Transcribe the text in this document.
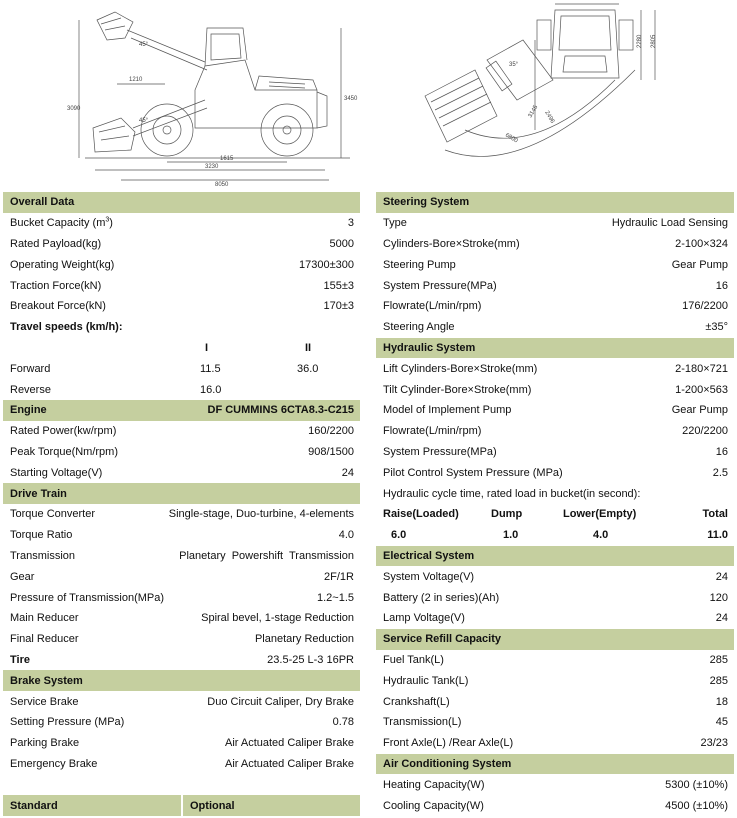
1210
1615
3230
8050
3090
3450
45°
45°
2280 2805
2496
3145
6800
35°
Overall Data
Bucket Capacity $(m^3)$	3
Rated Payload(kg)	5000
Operating Weight(kg)	17300±300
Traction Force(kN)	155±3
Breakout Force(kN)	170±3
Travel speeds (km/h):
I	II
Forward	11.5	36.0
Reverse	16.0
Engine	DF CUMMINS 6CTA8.3-C215
Rated Power(kw/rpm)	160/2200
Peak Torque(Nm/rpm)	908/1500
Starting Voltage(V)	24
Drive Train
Torque Converter	Single-stage, Duo-turbine, 4-elements
Torque Ratio	4.0
Transmission	Planetary  Powershift  Transmission
Gear	2F/1R
Pressure of Transmission(MPa)	1.2~1.5
Main Reducer	Spiral bevel, 1-stage Reduction
Final Reducer	Planetary Reduction
Tire	23.5-25 L-3 16PR
Brake System
Service Brake	Duo Circuit Caliper, Dry Brake
Setting Pressure (MPa)	0.78
Parking Brake	Air Actuated Caliper Brake
Emergency Brake	Air Actuated Caliper Brake
Standard	Optional
Steering System
Type	Hydraulic Load Sensing
Cylinders-Bore×Stroke(mm)	2-100×324
Steering Pump	Gear Pump
System Pressure(MPa)	16
Flowrate(L/min/rpm)	176/2200
Steering Angle	±35°
Hydraulic System
Lift Cylinders-Bore×Stroke(mm)	2-180×721
Tilt Cylinder-Bore×Stroke(mm)	1-200×563
Model of Implement Pump	Gear Pump
Flowrate(L/min/rpm)	220/2200
System Pressure(MPa)	16
Pilot Control System Pressure (MPa)	2.5
Hydraulic cycle time, rated load in bucket(in second):
Raise(Loaded)	Dump	Lower(Empty)	Total
6.0	1.0	4.0	11.0
Electrical System
System Voltage(V)	24
Battery (2 in series)(Ah)	120
Lamp Voltage(V)	24
Service Refill Capacity
Fuel Tank(L)	285
Hydraulic Tank(L)	285
Crankshaft(L)	18
Transmission(L)	45
Front Axle(L) /Rear Axle(L)	23/23
Air Conditioning System
Heating Capacity(W)	5300 (±10%)
Cooling Capacity(W)	4500 (±10%)
